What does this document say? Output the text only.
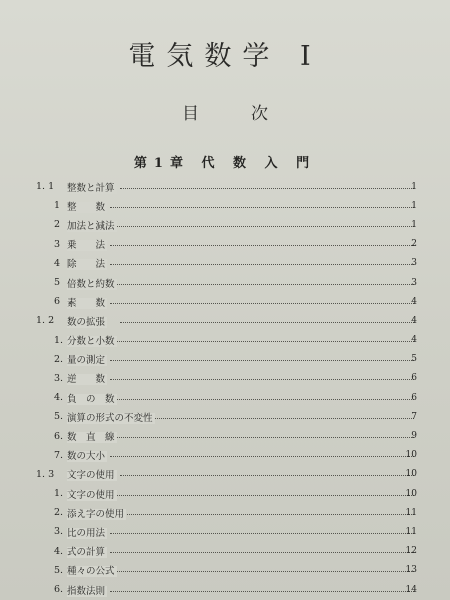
電気数学 I
目次
第1章 代 数 入 門
1. 1 整数と計算	1
1 整　　数	1
2 加法と減法	1
3 乗　　法	2
4 除　　法	3
5 倍数と約数	3
6 素　　数	4
1. 2 数の拡張	4
1. 分数と小数	4
2. 量の測定	5
3. 逆　　数	6
4. 負　の　数	6
5. 演算の形式の不変性	7
6. 数　直　線	9
7. 数の大小	10
1. 3 文字の使用	10
1. 文字の使用	10
2. 添え字の使用	11
3. 比の用法	11
4. 式の計算	12
5. 種々の公式	13
6. 指数法則	14
